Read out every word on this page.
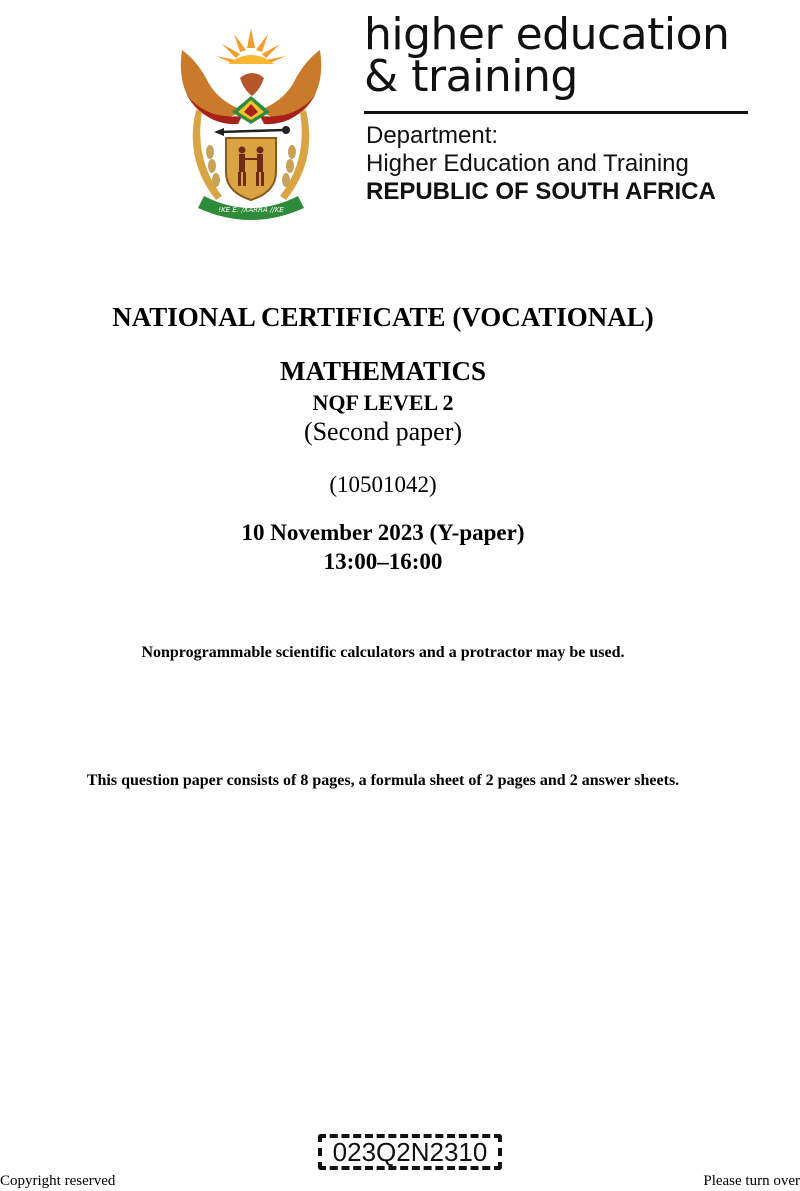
!KE E: /XARRA //KE
higher education
& training
Department:
Higher Education and Training
REPUBLIC OF SOUTH AFRICA
NATIONAL CERTIFICATE (VOCATIONAL)
MATHEMATICS
NQF LEVEL 2
(Second paper)
(10501042)
10 November 2023 (Y-paper)
13:00–16:00
Nonprogrammable scientific calculators and a protractor may be used.
This question paper consists of 8 pages, a formula sheet of 2 pages and 2 answer sheets.
023Q2N2310
Copyright reserved	Please turn over
